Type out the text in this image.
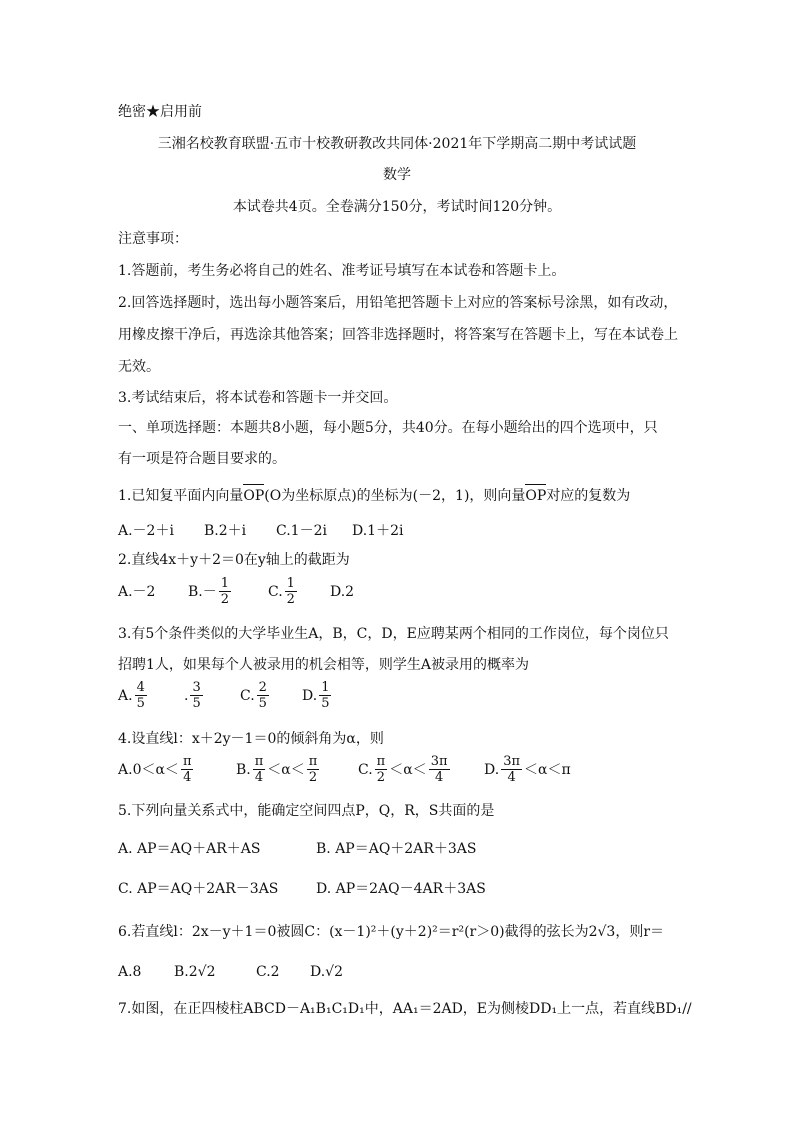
绝密★启用前
三湘名校教育联盟·五市十校教研教改共同体·2021年下学期高二期中考试试题
数学
本试卷共4页。全卷满分150分，考试时间120分钟。
注意事项：
1.答题前，考生务必将自己的姓名、准考证号填写在本试卷和答题卡上。
2.回答选择题时，选出每小题答案后，用铅笔把答题卡上对应的答案标号涂黑，如有改动，
用橡皮擦干净后，再选涂其他答案；回答非选择题时，将答案写在答题卡上，写在本试卷上
无效。
3.考试结束后，将本试卷和答题卡一并交回。
一、单项选择题：本题共8小题，每小题5分，共40分。在每小题给出的四个选项中，只
有一项是符合题目要求的。
1.已知复平面内向量OP(O为坐标原点)的坐标为(－2，1)，则向量OP对应的复数为
A.－2＋i B.2＋i C.1－2i D.1＋2i
2.直线4x＋y＋2＝0在y轴上的截距为
A.－2 $B.- \frac{1}{2}$	C. $\frac{1}{2} D.2$
3.有5个条件类似的大学毕业生A，B，C，D，E应聘某两个相同的工作岗位，每个岗位只
招聘1人，如果每个人被录用的机会相等，则学生A被录用的概率为
A. $\frac{4}{5}$	. $\frac{3}{5}$	C. $\frac{2}{5} D$. $\frac{1}{5}$
4.设直线l：x＋2y－1＝0的倾斜角为α，则
$A.0<\alpha< \frac{\pi}{4}$	B. $\frac{\pi}{4} <\alpha< \frac{\pi}{2}$	C. $\frac{\pi}{2} <\alpha< \frac{3\pi}{4} D$. $\frac{3\pi}{4} <\alpha<\pi$
5.下列向量关系式中，能确定空间四点P，Q，R，S共面的是
A. AP＝AQ＋AR＋AS	B. AP＝AQ＋2AR＋3AS
C. AP＝AQ＋2AR－3AS	D. AP＝2AQ－4AR＋3AS
6.若直线l：2x－y＋1＝0被圆C：(x－1)²＋(y＋2)²＝r²(r＞0)截得的弦长为2√3，则r＝
A.8 B.2√2	C.2 D.√2
7.如图，在正四棱柱ABCD－A₁B₁C₁D₁中，AA₁＝2AD，E为侧棱DD₁上一点，若直线BD₁//
